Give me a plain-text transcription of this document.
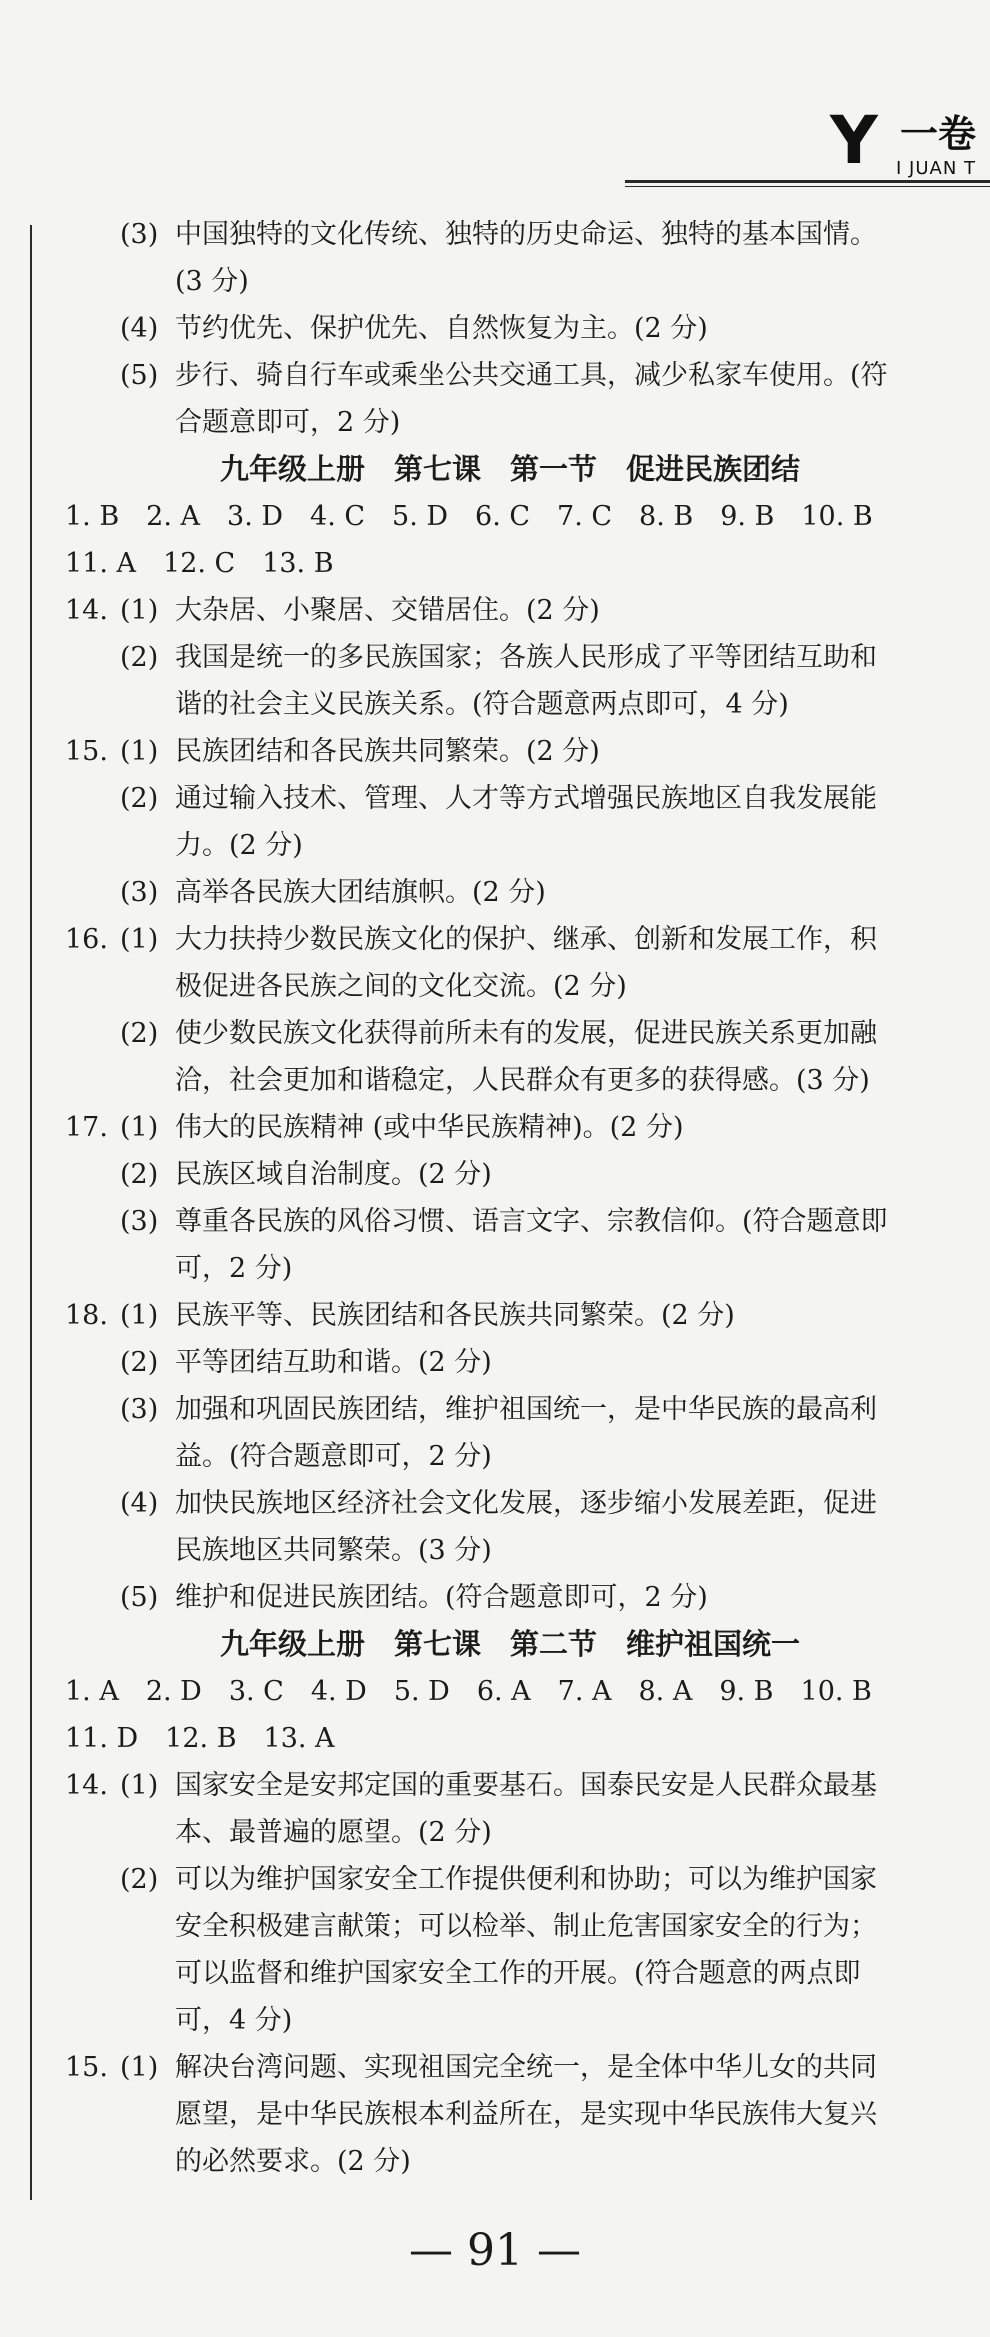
Y 一卷
I JUAN T
(3) 中国独特的文化传统、独特的历史命运、独特的基本国情。
(3 分)
(4) 节约优先、保护优先、自然恢复为主。(2 分)
(5) 步行、骑自行车或乘坐公共交通工具，减少私家车使用。(符
合题意即可，2 分)
九年级上册　第七课　第一节　促进民族团结
1. B　2. A　3. D　4. C　5. D　6. C　7. C　8. B　9. B　10. B
11. A　12. C　13. B
14. (1) 大杂居、小聚居、交错居住。(2 分)
(2) 我国是统一的多民族国家；各族人民形成了平等团结互助和
谐的社会主义民族关系。(符合题意两点即可，4 分)
15. (1) 民族团结和各民族共同繁荣。(2 分)
(2) 通过输入技术、管理、人才等方式增强民族地区自我发展能
力。(2 分)
(3) 高举各民族大团结旗帜。(2 分)
16. (1) 大力扶持少数民族文化的保护、继承、创新和发展工作，积
极促进各民族之间的文化交流。(2 分)
(2) 使少数民族文化获得前所未有的发展，促进民族关系更加融
洽，社会更加和谐稳定，人民群众有更多的获得感。(3 分)
17. (1) 伟大的民族精神 (或中华民族精神)。(2 分)
(2) 民族区域自治制度。(2 分)
(3) 尊重各民族的风俗习惯、语言文字、宗教信仰。(符合题意即
可，2 分)
18. (1) 民族平等、民族团结和各民族共同繁荣。(2 分)
(2) 平等团结互助和谐。(2 分)
(3) 加强和巩固民族团结，维护祖国统一，是中华民族的最高利
益。(符合题意即可，2 分)
(4) 加快民族地区经济社会文化发展，逐步缩小发展差距，促进
民族地区共同繁荣。(3 分)
(5) 维护和促进民族团结。(符合题意即可，2 分)
九年级上册　第七课　第二节　维护祖国统一
1. A　2. D　3. C　4. D　5. D　6. A　7. A　8. A　9. B　10. B
11. D　12. B　13. A
14. (1) 国家安全是安邦定国的重要基石。国泰民安是人民群众最基
本、最普遍的愿望。(2 分)
(2) 可以为维护国家安全工作提供便利和协助；可以为维护国家
安全积极建言献策；可以检举、制止危害国家安全的行为；
可以监督和维护国家安全工作的开展。(符合题意的两点即
可，4 分)
15. (1) 解决台湾问题、实现祖国完全统一，是全体中华儿女的共同
愿望，是中华民族根本利益所在，是实现中华民族伟大复兴
的必然要求。(2 分)
— 91 —
